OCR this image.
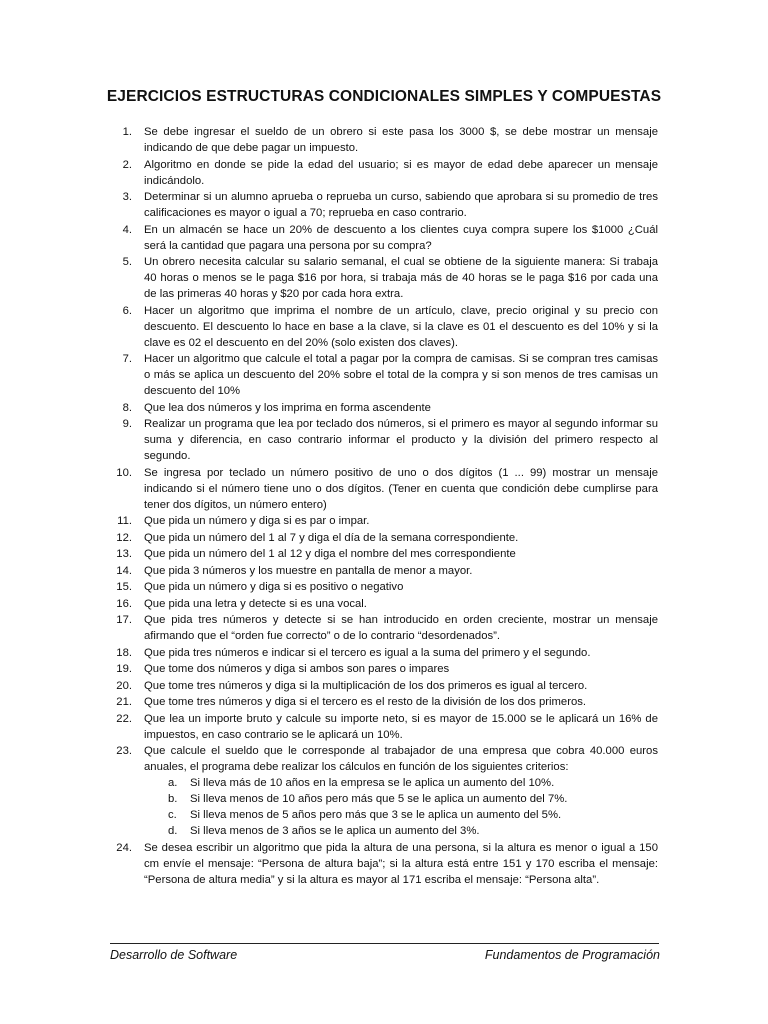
EJERCICIOS ESTRUCTURAS CONDICIONALES SIMPLES Y COMPUESTAS
1.	Se debe ingresar el sueldo de un obrero si este pasa los 3000 $, se debe mostrar un mensaje indicando de que debe pagar un impuesto.
2.	Algoritmo en donde se pide la edad del usuario; si es mayor de edad debe aparecer un mensaje indicándolo.
3.	Determinar si un alumno aprueba o reprueba un curso, sabiendo que aprobara si su promedio de tres calificaciones es mayor o igual a 70; reprueba en caso contrario.
4.	En un almacén se hace un 20% de descuento a los clientes cuya compra supere los $1000 ¿Cuál será la cantidad que pagara una persona por su compra?
5.	Un obrero necesita calcular su salario semanal, el cual se obtiene de la siguiente manera: Si trabaja 40 horas o menos se le paga $16 por hora, si trabaja más de 40 horas se le paga $16 por cada una de las primeras 40 horas y $20 por cada hora extra.
6.	Hacer un algoritmo que imprima el nombre de un artículo, clave, precio original y su precio con descuento. El descuento lo hace en base a la clave, si la clave es 01 el descuento es del 10% y si la clave es 02 el descuento en del 20% (solo existen dos claves).
7.	Hacer un algoritmo que calcule el total a pagar por la compra de camisas. Si se compran tres camisas o más se aplica un descuento del 20% sobre el total de la compra y si son menos de tres camisas un descuento del 10%
8.	Que lea dos números y los imprima en forma ascendente
9.	Realizar un programa que lea por teclado dos números, si el primero es mayor al segundo informar su suma y diferencia, en caso contrario informar el producto y la división del primero respecto al segundo.
10.	Se ingresa por teclado un número positivo de uno o dos dígitos (1 ... 99) mostrar un mensaje indicando si el número tiene uno o dos dígitos. (Tener en cuenta que condición debe cumplirse para tener dos dígitos, un número entero)
11.	Que pida un número y diga si es par o impar.
12.	Que pida un número del 1 al 7 y diga el día de la semana correspondiente.
13.	Que pida un número del 1 al 12 y diga el nombre del mes correspondiente
14.	Que pida 3 números y los muestre en pantalla de menor a mayor.
15.	Que pida un número y diga si es positivo o negativo
16.	Que pida una letra y detecte si es una vocal.
17.	Que pida tres números y detecte si se han introducido en orden creciente, mostrar un mensaje afirmando que el “orden fue correcto” o de lo contrario “desordenados”.
18.	Que pida tres números e indicar si el tercero es igual a la suma del primero y el segundo.
19.	Que tome dos números y diga si ambos son pares o impares
20.	Que tome tres números y diga si la multiplicación de los dos primeros es igual al tercero.
21.	Que tome tres números y diga si el tercero es el resto de la división de los dos primeros.
22.	Que lea un importe bruto y calcule su importe neto, si es mayor de 15.000 se le aplicará un 16% de impuestos, en caso contrario se le aplicará un 10%.
23.	Que calcule el sueldo que le corresponde al trabajador de una empresa que cobra 40.000 euros anuales, el programa debe realizar los cálculos en función de los siguientes criterios:
a.	Si lleva más de 10 años en la empresa se le aplica un aumento del 10%.
b.	Si lleva menos de 10 años pero más que 5 se le aplica un aumento del 7%.
c.	Si lleva menos de 5 años pero más que 3 se le aplica un aumento del 5%.
d.	Si lleva menos de 3 años se le aplica un aumento del 3%.
24.	Se desea escribir un algoritmo que pida la altura de una persona, si la altura es menor o igual a 150 cm envíe el mensaje: “Persona de altura baja”; si la altura está entre 151 y 170 escriba el mensaje: “Persona de altura media” y si la altura es mayor al 171 escriba el mensaje: “Persona alta”.
Desarrollo de Software	Fundamentos de Programación
